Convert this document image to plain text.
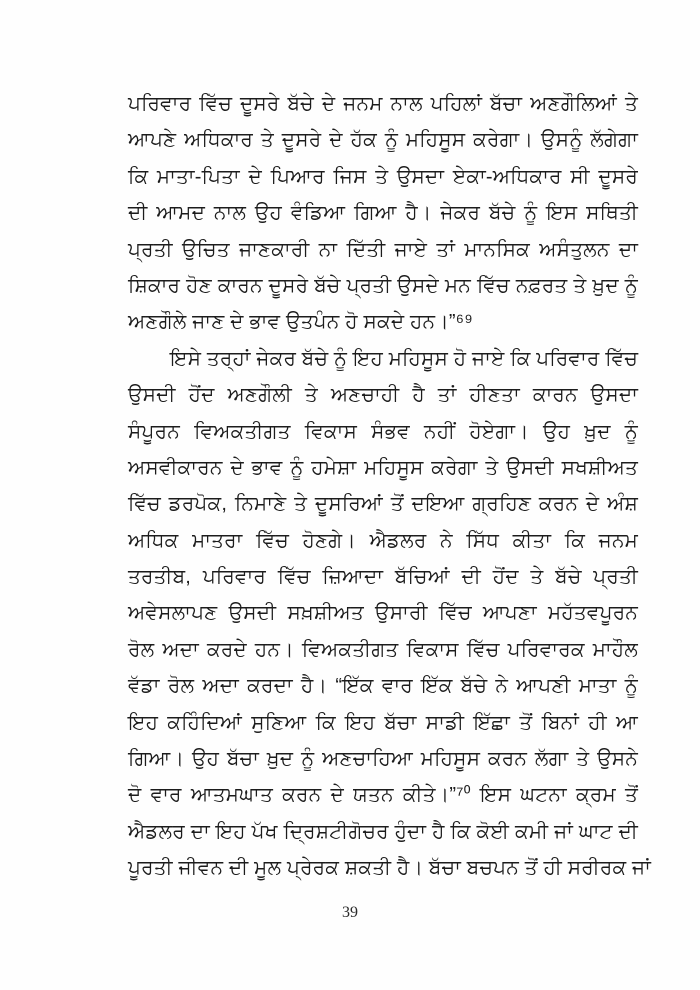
ਪਰਿਵਾਰ ਵਿੱਚ ਦੂਸਰੇ ਬੱਚੇ ਦੇ ਜਨਮ ਨਾਲ ਪਹਿਲਾਂ ਬੱਚਾ ਅਣਗੌਲਿਆਂ ਤੇ
ਆਪਣੇ ਅਧਿਕਾਰ ਤੇ ਦੂਸਰੇ ਦੇ ਹੱਕ ਨੂੰ ਮਹਿਸੂਸ ਕਰੇਗਾ। ਉਸਨੂੰ ਲੱਗੇਗਾ
ਕਿ ਮਾਤਾ-ਪਿਤਾ ਦੇ ਪਿਆਰ ਜਿਸ ਤੇ ਉਸਦਾ ਏਕਾ-ਅਧਿਕਾਰ ਸੀ ਦੂਸਰੇ
ਦੀ ਆਮਦ ਨਾਲ ਉਹ ਵੰਡਿਆ ਗਿਆ ਹੈ। ਜੇਕਰ ਬੱਚੇ ਨੂੰ ਇਸ ਸਥਿਤੀ
ਪ੍ਰਤੀ ਉਚਿਤ ਜਾਣਕਾਰੀ ਨਾ ਦਿੱਤੀ ਜਾਏ ਤਾਂ ਮਾਨਸਿਕ ਅਸੰਤੁਲਨ ਦਾ
ਸ਼ਿਕਾਰ ਹੋਣ ਕਾਰਨ ਦੂਸਰੇ ਬੱਚੇ ਪ੍ਰਤੀ ਉਸਦੇ ਮਨ ਵਿੱਚ ਨਫ਼ਰਤ ਤੇ ਖ਼ੁਦ ਨੂੰ
ਅਣਗੌਲੇ ਜਾਣ ਦੇ ਭਾਵ ਉਤਪੰਨ ਹੋ ਸਕਦੇ ਹਨ।”⁶⁹
ਇਸੇ ਤਰ੍ਹਾਂ ਜੇਕਰ ਬੱਚੇ ਨੂੰ ਇਹ ਮਹਿਸੂਸ ਹੋ ਜਾਏ ਕਿ ਪਰਿਵਾਰ ਵਿੱਚ
ਉਸਦੀ ਹੋਂਦ ਅਣਗੌਲੀ ਤੇ ਅਣਚਾਹੀ ਹੈ ਤਾਂ ਹੀਣਤਾ ਕਾਰਨ ਉਸਦਾ
ਸੰਪੂਰਨ ਵਿਅਕਤੀਗਤ ਵਿਕਾਸ ਸੰਭਵ ਨਹੀਂ ਹੋਏਗਾ। ਉਹ ਖ਼ੁਦ ਨੂੰ
ਅਸਵੀਕਾਰਨ ਦੇ ਭਾਵ ਨੂੰ ਹਮੇਸ਼ਾ ਮਹਿਸੂਸ ਕਰੇਗਾ ਤੇ ਉਸਦੀ ਸਖਸ਼ੀਅਤ
ਵਿੱਚ ਡਰਪੋਕ, ਨਿਮਾਣੇ ਤੇ ਦੂਸਰਿਆਂ ਤੋਂ ਦਇਆ ਗ੍ਰਹਿਣ ਕਰਨ ਦੇ ਅੰਸ਼
ਅਧਿਕ ਮਾਤਰਾ ਵਿੱਚ ਹੋਣਗੇ। ਐਡਲਰ ਨੇ ਸਿੱਧ ਕੀਤਾ ਕਿ ਜਨਮ
ਤਰਤੀਬ, ਪਰਿਵਾਰ ਵਿੱਚ ਜ਼ਿਆਦਾ ਬੱਚਿਆਂ ਦੀ ਹੋਂਦ ਤੇ ਬੱਚੇ ਪ੍ਰਤੀ
ਅਵੇਸਲਾਪਣ ਉਸਦੀ ਸਖ਼ਸ਼ੀਅਤ ਉਸਾਰੀ ਵਿੱਚ ਆਪਣਾ ਮਹੱਤਵਪੂਰਨ
ਰੋਲ ਅਦਾ ਕਰਦੇ ਹਨ। ਵਿਅਕਤੀਗਤ ਵਿਕਾਸ ਵਿੱਚ ਪਰਿਵਾਰਕ ਮਾਹੌਲ
ਵੱਡਾ ਰੋਲ ਅਦਾ ਕਰਦਾ ਹੈ। “ਇੱਕ ਵਾਰ ਇੱਕ ਬੱਚੇ ਨੇ ਆਪਣੀ ਮਾਤਾ ਨੂੰ
ਇਹ ਕਹਿੰਦਿਆਂ ਸੁਣਿਆ ਕਿ ਇਹ ਬੱਚਾ ਸਾਡੀ ਇੱਛਾ ਤੋਂ ਬਿਨਾਂ ਹੀ ਆ
ਗਿਆ। ਉਹ ਬੱਚਾ ਖ਼ੁਦ ਨੂੰ ਅਣਚਾਹਿਆ ਮਹਿਸੂਸ ਕਰਨ ਲੱਗਾ ਤੇ ਉਸਨੇ
ਦੋ ਵਾਰ ਆਤਮਘਾਤ ਕਰਨ ਦੇ ਯਤਨ ਕੀਤੇ।”⁷⁰ ਇਸ ਘਟਨਾ ਕ੍ਰਮ ਤੋਂ
ਐਡਲਰ ਦਾ ਇਹ ਪੱਖ ਦ੍ਰਿਸ਼ਟੀਗੋਚਰ ਹੁੰਦਾ ਹੈ ਕਿ ਕੋਈ ਕਮੀ ਜਾਂ ਘਾਟ ਦੀ
ਪੂਰਤੀ ਜੀਵਨ ਦੀ ਮੂਲ ਪ੍ਰੇਰਕ ਸ਼ਕਤੀ ਹੈ। ਬੱਚਾ ਬਚਪਨ ਤੋਂ ਹੀ ਸਰੀਰਕ ਜਾਂ
39
